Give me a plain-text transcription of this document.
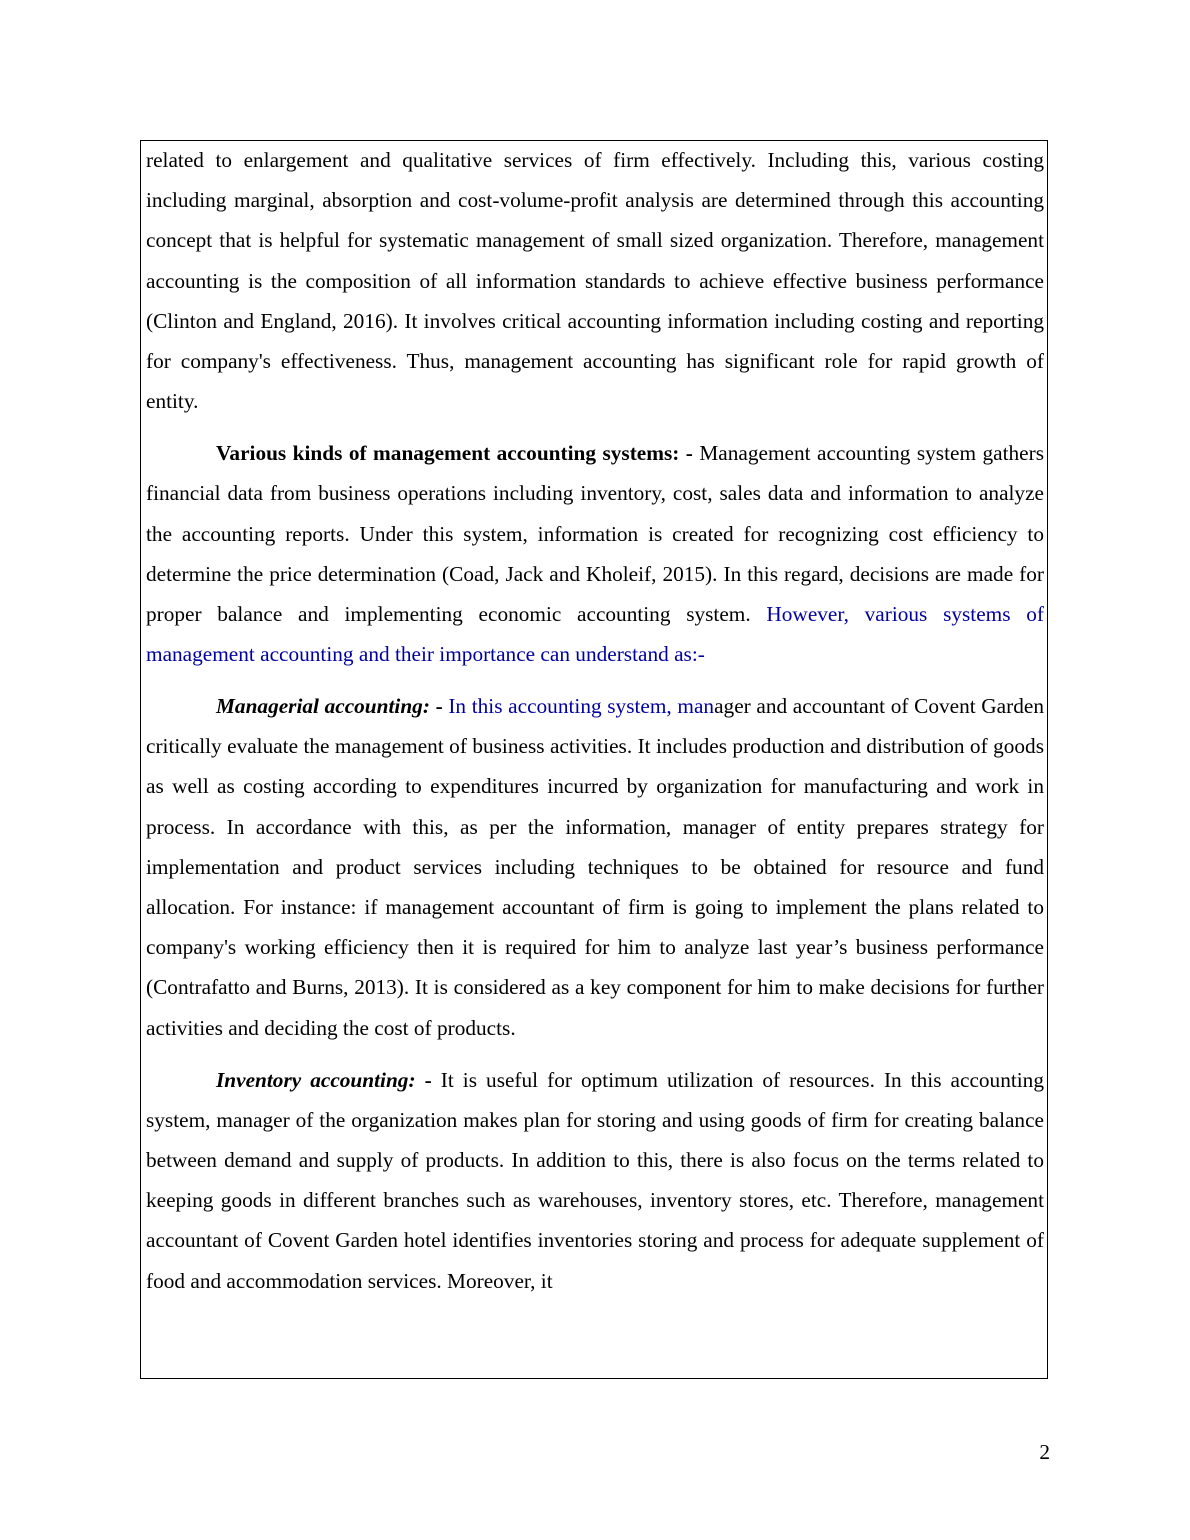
related to enlargement and qualitative services of firm effectively. Including this, various costing including marginal, absorption and cost-volume-profit analysis are determined through this accounting concept that is helpful for systematic management of small sized organization. Therefore, management accounting is the composition of all information standards to achieve effective business performance (Clinton and England, 2016). It involves critical accounting information including costing and reporting for company's effectiveness. Thus, management accounting has significant role for rapid growth of entity.

Various kinds of management accounting systems: - Management accounting system gathers financial data from business operations including inventory, cost, sales data and information to analyze the accounting reports. Under this system, information is created for recognizing cost efficiency to determine the price determination (Coad, Jack and Kholeif, 2015). In this regard, decisions are made for proper balance and implementing economic accounting system. However, various systems of management accounting and their importance can understand as:-

Managerial accounting: - In this accounting system, manager and accountant of Covent Garden critically evaluate the management of business activities. It includes production and distribution of goods as well as costing according to expenditures incurred by organization for manufacturing and work in process. In accordance with this, as per the information, manager of entity prepares strategy for implementation and product services including techniques to be obtained for resource and fund allocation. For instance: if management accountant of firm is going to implement the plans related to company's working efficiency then it is required for him to analyze last year’s business performance (Contrafatto and Burns, 2013). It is considered as a key component for him to make decisions for further activities and deciding the cost of products.

Inventory accounting: - It is useful for optimum utilization of resources. In this accounting system, manager of the organization makes plan for storing and using goods of firm for creating balance between demand and supply of products. In addition to this, there is also focus on the terms related to keeping goods in different branches such as warehouses, inventory stores, etc. Therefore, management accountant of Covent Garden hotel identifies inventories storing and process for adequate supplement of food and accommodation services. Moreover, it

2
